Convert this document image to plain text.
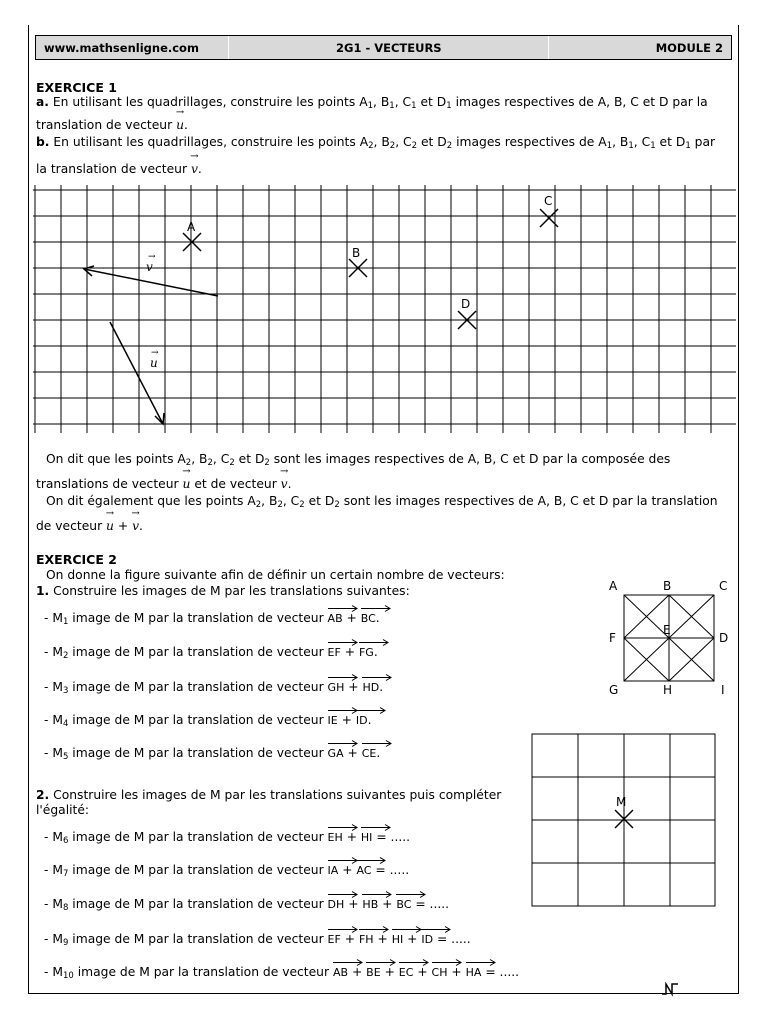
www.mathsenligne.com	2G1 - VECTEURS	MODULE 2
EXERCICE 1
a. En utilisant les quadrillages, construire les points $A_1$, $B_1$, $C_1$ et $D_1$ images respectives de A, B, C et D par la
translation de vecteur → u.
b. En utilisant les quadrillages, construire les points $A_2$, $B_2$, $C_2$ et $D_2$ images respectives de $A_1$, $B_1$, $C_1$ et $D_1$ par
la translation de vecteur → v.
A
B
C
D
v
→
u
→
On dit que les points $A_2$, $B_2$, $C_2$ et $D_2$ sont les images respectives de A, B, C et D par la composée des
translations de vecteur → u et de vecteur → v.
On dit également que les points $A_2$, $B_2$, $C_2$ et $D_2$ sont les images respectives de A, B, C et D par la translation
de vecteur → u + → v.
EXERCICE 2
On donne la figure suivante afin de définir un certain nombre de vecteurs:
1. Construire les images de M par les translations suivantes:
- $M_1$ image de M par la translation de vecteur
AB +
BC.
- $M_2$ image de M par la translation de vecteur
EF +
FG.
- $M_3$ image de M par la translation de vecteur
GH +
HD.
- $M_4$ image de M par la translation de vecteur
IE +
ID.
- $M_5$ image de M par la translation de vecteur
GA +
CE.
2. Construire les images de M par les translations suivantes puis compléter
l'égalité:
- $M_6$ image de M par la translation de vecteur
EH +
HI = .....
- $M_7$ image de M par la translation de vecteur
IA +
AC = .....
- $M_8$ image de M par la translation de vecteur
DH +
HB +
BC = .....
- $M_9$ image de M par la translation de vecteur
EF +
FH +
HI +
ID = .....
- $M_{10}$ image de M par la translation de vecteur
AB +
BE +
EC +
CH +
HA = .....
A	B	C
F
E
D
G	H	I
M
